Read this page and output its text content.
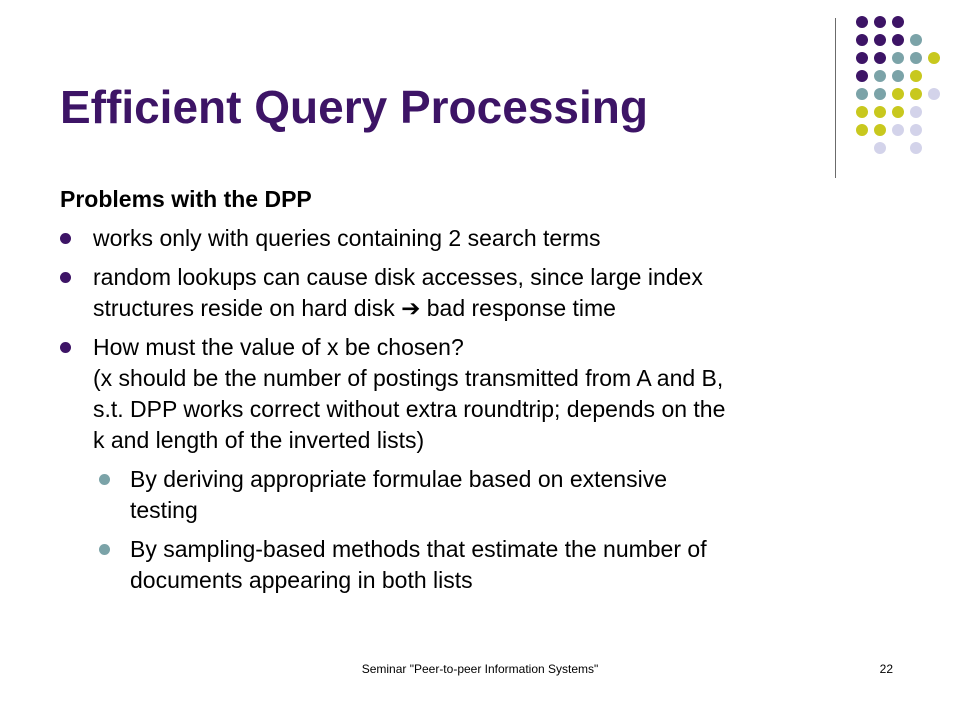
Efficient Query Processing
Problems with the DPP
works only with queries containing 2 search terms
random lookups can cause disk accesses, since large index
structures reside on hard disk ➔ bad response time
How must the value of x be chosen?
(x should be the number of postings transmitted from A and B,
s.t. DPP works correct without extra roundtrip; depends on the
k and length of the inverted lists)
By deriving appropriate formulae based on extensive
testing
By sampling-based methods that estimate the number of
documents appearing in both lists
Seminar "Peer-to-peer Information Systems"	22
